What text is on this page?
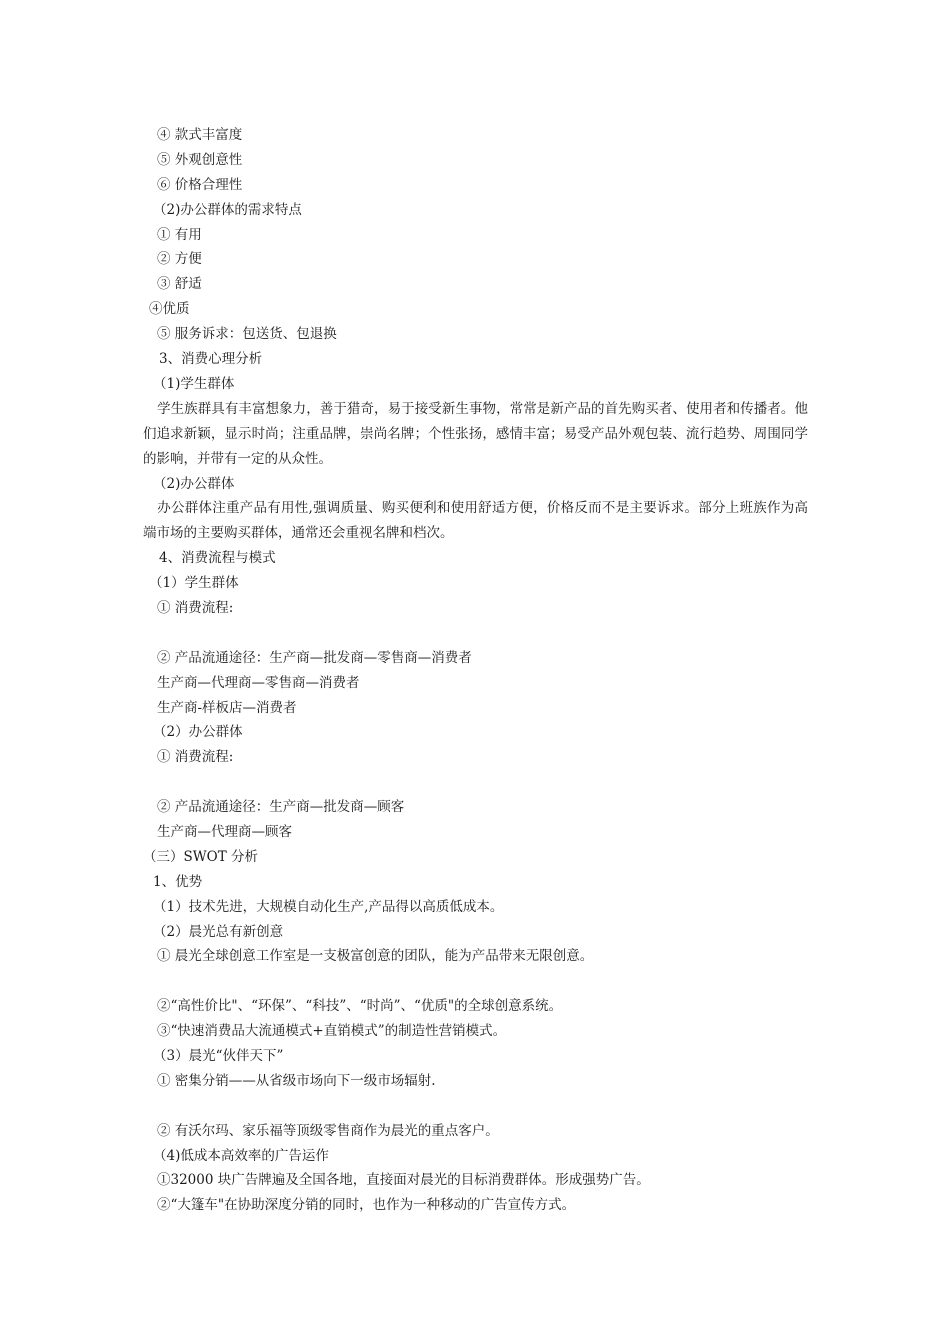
④ 款式丰富度
⑤ 外观创意性
⑥ 价格合理性
（2)办公群体的需求特点
① 有用
② 方便
③ 舒适
④优质
⑤ 服务诉求：包送货、包退换
3、消费心理分析
（1)学生群体
学生族群具有丰富想象力，善于猎奇，易于接受新生事物，常常是新产品的首先购买者、使用者和传播者。他们追求新颖，显示时尚；注重品牌，崇尚名牌；个性张扬，感情丰富；易受产品外观包装、流行趋势、周围同学的影响，并带有一定的从众性。
（2)办公群体
办公群体注重产品有用性,强调质量、购买便利和使用舒适方便，价格反而不是主要诉求。部分上班族作为高端市场的主要购买群体，通常还会重视名牌和档次。
4、消费流程与模式
（1）学生群体
① 消费流程:
② 产品流通途径：生产商—批发商—零售商—消费者
生产商—代理商—零售商—消费者
生产商-样板店—消费者
（2）办公群体
① 消费流程:
② 产品流通途径：生产商—批发商—顾客
生产商—代理商—顾客
（三）SWOT 分析
1、优势
（1）技术先进，大规模自动化生产,产品得以高质低成本。
（2）晨光总有新创意
① 晨光全球创意工作室是一支极富创意的团队，能为产品带来无限创意。
②“高性价比"、“环保”、“科技”、“时尚”、“优质"的全球创意系统。
③“快速消费品大流通模式+直销模式”的制造性营销模式。
（3）晨光“伙伴天下”
① 密集分销——从省级市场向下一级市场辐射.
② 有沃尔玛、家乐福等顶级零售商作为晨光的重点客户。
（4)低成本高效率的广告运作
①32000 块广告牌遍及全国各地，直接面对晨光的目标消费群体。形成强势广告。
②“大篷车"在协助深度分销的同时，也作为一种移动的广告宣传方式。
